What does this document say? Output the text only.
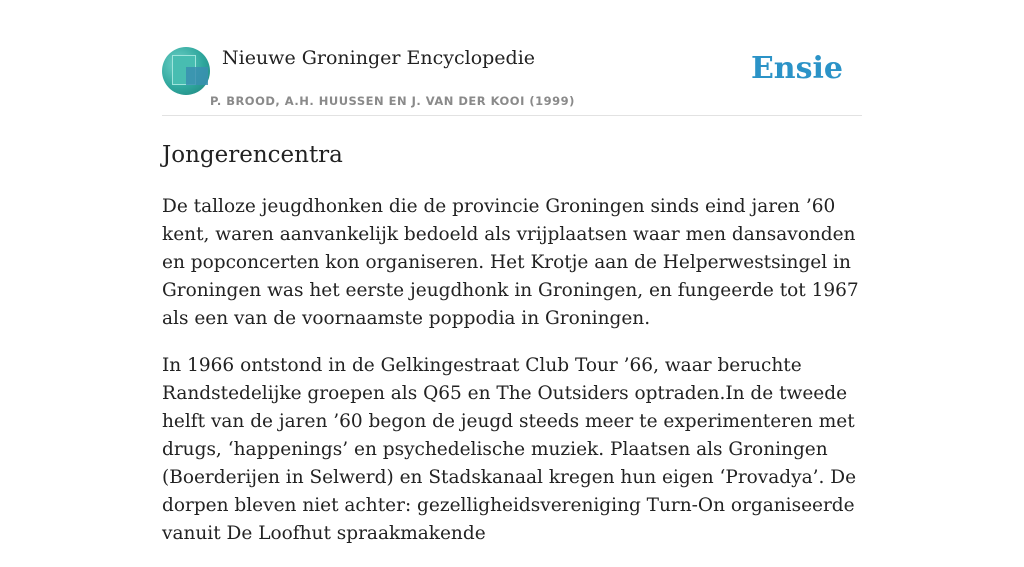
Nieuwe Groninger Encyclopedie
P. BROOD, A.H. HUUSSEN EN J. VAN DER KOOI (1999)
Ensie
Jongerencentra

De talloze jeugdhonken die de provincie Groningen sinds eind jaren ’60 kent, waren aanvankelijk bedoeld als vrijplaatsen waar men dansavonden en popconcerten kon organiseren. Het Krotje aan de Helperwestsingel in Groningen was het eerste jeugdhonk in Groningen, en fungeerde tot 1967 als een van de voornaamste poppodia in Groningen.

In 1966 ontstond in de Gelkingestraat Club Tour ’66, waar beruchte Randstedelijke groepen als Q65 en The Outsiders optraden.In de tweede helft van de jaren ’60 begon de jeugd steeds meer te experimenteren met drugs, ‘happenings’ en psychedelische muziek. Plaatsen als Groningen (Boerderijen in Selwerd) en Stadskanaal kregen hun eigen ‘Provadya’. De dorpen bleven niet achter: gezelligheidsvereniging Turn-On organiseerde vanuit De Loofhut spraakmakende
